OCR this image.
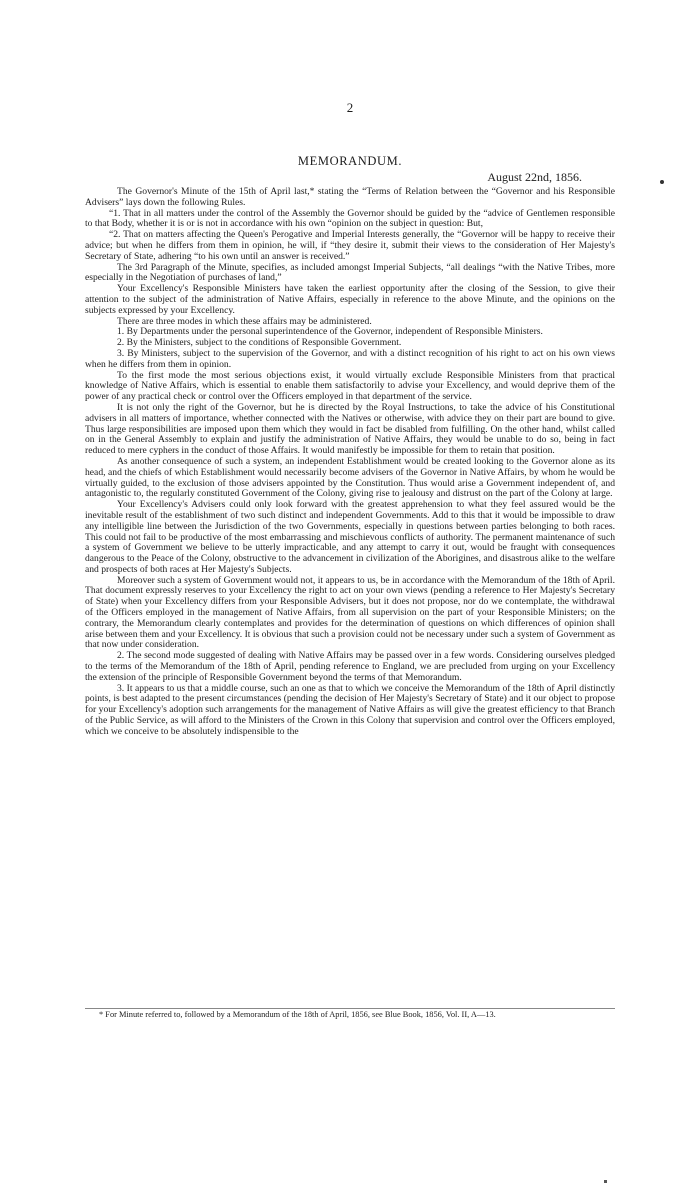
2
MEMORANDUM.
August 22nd, 1856.

The Governor's Minute of the 15th of April last,* stating the “Terms of Relation between the “Governor and his Responsible Advisers” lays down the following Rules.

“1. That in all matters under the control of the Assembly the Governor should be guided by the “advice of Gentlemen responsible to that Body, whether it is or is not in accordance with his own “opinion on the subject in question: But,

“2. That on matters affecting the Queen's Perogative and Imperial Interests generally, the “Governor will be happy to receive their advice; but when he differs from them in opinion, he will, if “they desire it, submit their views to the consideration of Her Majesty's Secretary of State, adhering “to his own until an answer is received.”

The 3rd Paragraph of the Minute, specifies, as included amongst Imperial Subjects, “all dealings “with the Native Tribes, more especially in the Negotiation of purchases of land,”

Your Excellency's Responsible Ministers have taken the earliest opportunity after the closing of the Session, to give their attention to the subject of the administration of Native Affairs, especially in reference to the above Minute, and the opinions on the subjects expressed by your Excellency.

There are three modes in which these affairs may be administered.

1. By Departments under the personal superintendence of the Governor, independent of Responsible Ministers.

2. By the Ministers, subject to the conditions of Responsible Government.

3. By Ministers, subject to the supervision of the Governor, and with a distinct recognition of his right to act on his own views when he differs from them in opinion.

To the first mode the most serious objections exist, it would virtually exclude Responsible Ministers from that practical knowledge of Native Affairs, which is essential to enable them satisfactorily to advise your Excellency, and would deprive them of the power of any practical check or control over the Officers employed in that department of the service.

It is not only the right of the Governor, but he is directed by the Royal Instructions, to take the advice of his Constitutional advisers in all matters of importance, whether connected with the Natives or otherwise, with advice they on their part are bound to give. Thus large responsibilities are imposed upon them which they would in fact be disabled from fulfilling. On the other hand, whilst called on in the General Assembly to explain and justify the administration of Native Affairs, they would be unable to do so, being in fact reduced to mere cyphers in the conduct of those Affairs. It would manifestly be impossible for them to retain that position.

As another consequence of such a system, an independent Establishment would be created looking to the Governor alone as its head, and the chiefs of which Establishment would necessarily become advisers of the Governor in Native Affairs, by whom he would be virtually guided, to the exclusion of those advisers appointed by the Constitution. Thus would arise a Government independent of, and antagonistic to, the regularly constituted Government of the Colony, giving rise to jealousy and distrust on the part of the Colony at large.

Your Excellency's Advisers could only look forward with the greatest apprehension to what they feel assured would be the inevitable result of the establishment of two such distinct and independent Governments. Add to this that it would be impossible to draw any intelligible line between the Jurisdiction of the two Governments, especially in questions between parties belonging to both races. This could not fail to be productive of the most embarrassing and mischievous conflicts of authority. The permanent maintenance of such a system of Government we believe to be utterly impracticable, and any attempt to carry it out, would be fraught with consequences dangerous to the Peace of the Colony, obstructive to the advancement in civilization of the Aborigines, and disastrous alike to the welfare and prospects of both races at Her Majesty's Subjects.

Moreover such a system of Government would not, it appears to us, be in accordance with the Memorandum of the 18th of April. That document expressly reserves to your Excellency the right to act on your own views (pending a reference to Her Majesty's Secretary of State) when your Excellency differs from your Responsible Advisers, but it does not propose, nor do we contemplate, the withdrawal of the Officers employed in the management of Native Affairs, from all supervision on the part of your Responsible Ministers; on the contrary, the Memorandum clearly contemplates and provides for the determination of questions on which differences of opinion shall arise between them and your Excellency. It is obvious that such a provision could not be necessary under such a system of Government as that now under consideration.

2. The second mode suggested of dealing with Native Affairs may be passed over in a few words. Considering ourselves pledged to the terms of the Memorandum of the 18th of April, pending reference to England, we are precluded from urging on your Excellency the extension of the principle of Responsible Government beyond the terms of that Memorandum.

3. It appears to us that a middle course, such an one as that to which we conceive the Memorandum of the 18th of April distinctly points, is best adapted to the present circumstances (pending the decision of Her Majesty's Secretary of State) and it our object to propose for your Excellency's adoption such arrangements for the management of Native Affairs as will give the greatest efficiency to that Branch of the Public Service, as will afford to the Ministers of the Crown in this Colony that supervision and control over the Officers employed, which we conceive to be absolutely indispensible to the

* For Minute referred to, followed by a Memorandum of the 18th of April, 1856, see Blue Book, 1856, Vol. II, A—13.
